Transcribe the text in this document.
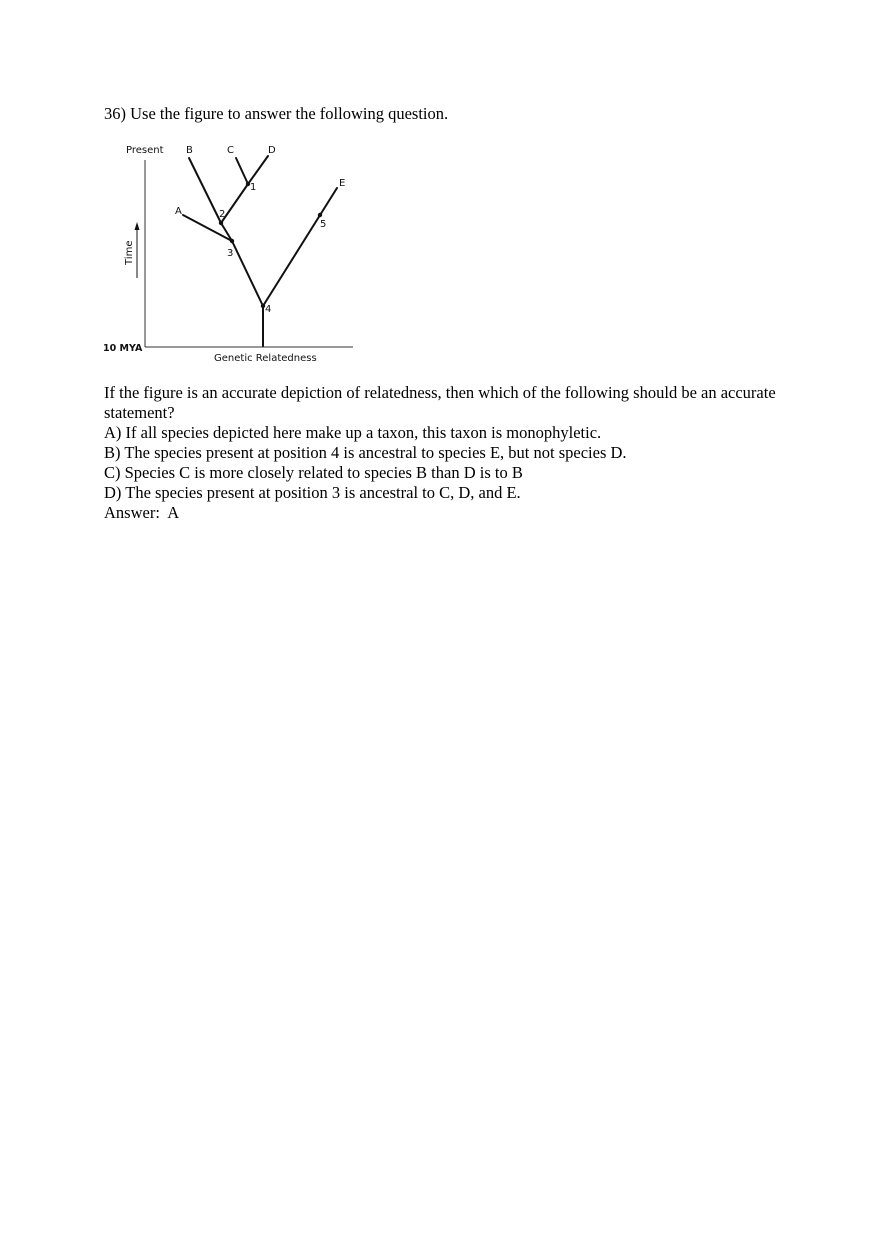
36) Use the figure to answer the following question.

Present
Time
10 MYA
Genetic Relatedness
B	C	D
E
A
1
2
3
4
5

If the figure is an accurate depiction of relatedness, then which of the following should be an accurate statement?

A) If all species depicted here make up a taxon, this taxon is monophyletic.

B) The species present at position 4 is ancestral to species E, but not species D.

C) Species C is more closely related to species B than D is to B

D) The species present at position 3 is ancestral to C, D, and E.

Answer:  A
